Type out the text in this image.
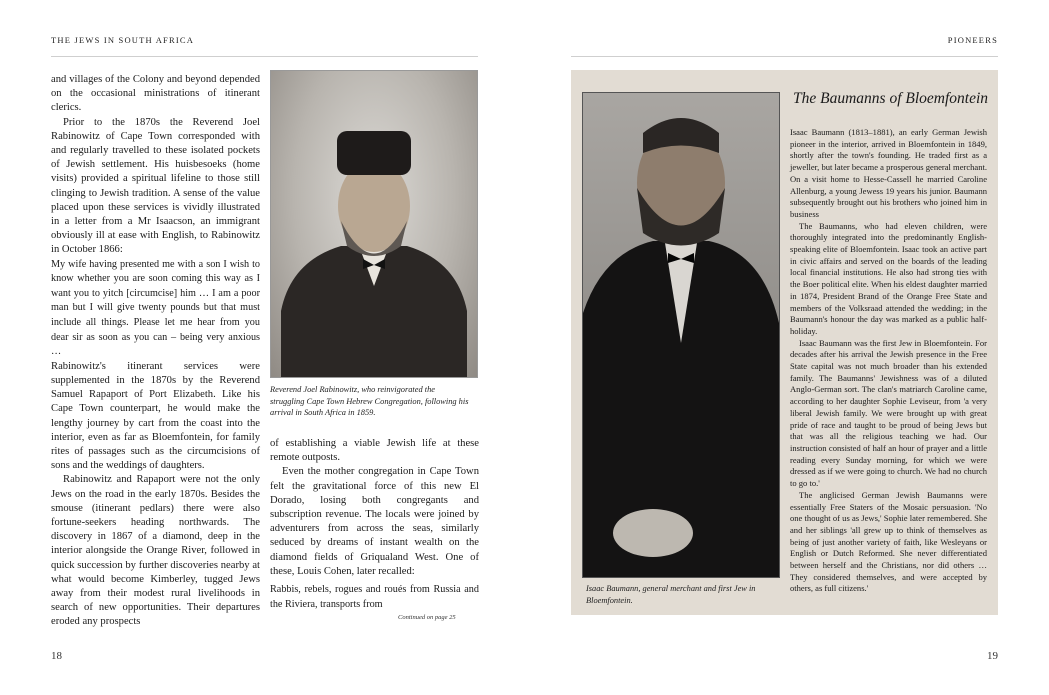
THE JEWS IN SOUTH AFRICA	PIONEERS

and villages of the Colony and beyond depended on the occasional ministrations of itinerant clerics.

Prior to the 1870s the Reverend Joel Rabinowitz of Cape Town corresponded with and regularly travelled to these isolated pockets of Jewish settlement. His huisbesoeks (home visits) provided a spiritual lifeline to those still clinging to Jewish tradition. A sense of the value placed upon these services is vividly illustrated in a letter from a Mr Isaacson, an immigrant obviously ill at ease with English, to Rabinowitz in October 1866:

My wife having presented me with a son I wish to know whether you are soon coming this way as I want you to yitch [circumcise] him … I am a poor man but I will give twenty pounds but that must include all things. Please let me hear from you dear sir as soon as you can – being very anxious …

Rabinowitz's itinerant services were supplemented in the 1870s by the Reverend Samuel Rapaport of Port Elizabeth. Like his Cape Town counterpart, he would make the lengthy journey by cart from the coast into the interior, even as far as Bloemfontein, for family rites of passages such as the circumcisions of sons and the weddings of daughters.

Rabinowitz and Rapaport were not the only Jews on the road in the early 1870s. Besides the smouse (itinerant pedlars) there were also fortune-seekers heading northwards. The discovery in 1867 of a diamond, deep in the interior alongside the Orange River, followed in quick succession by further discoveries nearby at what would become Kimberley, tugged Jews away from their modest rural livelihoods in search of new opportunities. Their departures eroded any prospects

Reverend Joel Rabinowitz, who reinvigorated the struggling Cape Town Hebrew Congregation, following his arrival in South Africa in 1859.

of establishing a viable Jewish life at these remote outposts.

Even the mother congregation in Cape Town felt the gravitational force of this new El Dorado, losing both congregants and subscription revenue. The locals were joined by adventurers from across the seas, similarly seduced by dreams of instant wealth on the diamond fields of Griqualand West. One of these, Louis Cohen, later recalled:

Rabbis, rebels, rogues and roués from Russia and the Riviera, transports from

Continued on page 25
Isaac Baumann, general merchant and first Jew in Bloemfontein.
The Baumanns of Bloemfontein

Isaac Baumann (1813–1881), an early German Jewish pioneer in the interior, arrived in Bloemfontein in 1849, shortly after the town's founding. He traded first as a jeweller, but later became a prosperous general merchant. On a visit home to Hesse-Cassell he married Caroline Allenburg, a young Jewess 19 years his junior. Baumann subsequently brought out his brothers who joined him in business

The Baumanns, who had eleven children, were thoroughly integrated into the predominantly English-speaking elite of Bloemfontein. Isaac took an active part in civic affairs and served on the boards of the leading local financial institutions. He also had strong ties with the Boer political elite. When his eldest daughter married in 1874, President Brand of the Orange Free State and members of the Volksraad attended the wedding; in the Baumann's honour the day was marked as a public half-holiday.

Isaac Baumann was the first Jew in Bloemfontein. For decades after his arrival the Jewish presence in the Free State capital was not much broader than his extended family. The Baumanns' Jewishness was of a diluted Anglo-German sort. The clan's matriarch Caroline came, according to her daughter Sophie Leviseur, from 'a very liberal Jewish family. We were brought up with great pride of race and taught to be proud of being Jews but that was all the religious teaching we had. Our instruction consisted of half an hour of prayer and a little reading every Sunday morning, for which we were dressed as if we were going to church. We had no church to go to.'

The anglicised German Jewish Baumanns were essentially Free Staters of the Mosaic persuasion. 'No one thought of us as Jews,' Sophie later remembered. She and her siblings 'all grew up to think of themselves as being of just another variety of faith, like Wesleyans or English or Dutch Reformed. She never differentiated between herself and the Christians, nor did others … They considered themselves, and were accepted by others, as full citizens.'

18	19
